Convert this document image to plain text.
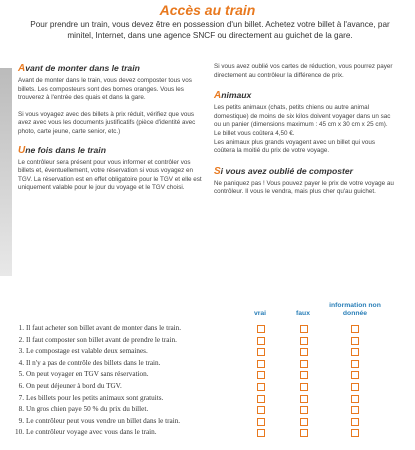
Accès au train
Pour prendre un train, vous devez être en possession d'un billet. Achetez votre billet à l'avance, par minitel, Internet, dans une agence SNCF ou directement au guichet de la gare.
Avant de monter dans le train
Avant de monter dans le train, vous devez composter tous vos billets. Les composteurs sont des bornes oranges. Vous les trouverez à l'entrée des quais et dans la gare.
Si vous voyagez avec des billets à prix réduit, vérifiez que vous avez avec vous les documents justificatifs (pièce d'identité avec photo, carte jeune, carte senior, etc.)
Une fois dans le train
Le contrôleur sera présent pour vous informer et contrôler vos billets et, éventuellement, votre réservation si vous voyagez en TGV. La réservation est en effet obligatoire pour le TGV et elle est uniquement valable pour le jour du voyage et le TGV choisi.
Si vous avez oublié vos cartes de réduction, vous pourrez payer directement au contrôleur la différence de prix.
Animaux
Les petits animaux (chats, petits chiens ou autre animal domestique) de moins de six kilos doivent voyager dans un sac ou un panier (dimensions maximum : 45 cm x 30 cm x 25 cm). Le billet vous coûtera 4,50 €.
Les animaux plus grands voyagent avec un billet qui vous coûtera la moitié du prix de votre voyage.
Si vous avez oublié de composter
Ne paniquez pas ! Vous pouvez payer le prix de votre voyage au contrôleur. Il vous le vendra, mais plus cher qu'au guichet.
vrai	faux
information non donnée
1. Il faut acheter son billet avant de monter dans le train.
2. Il faut composter son billet avant de prendre le train.
3. Le compostage est valable deux semaines.
4. Il n'y a pas de contrôle des billets dans le train.
5. On peut voyager en TGV sans réservation.
6. On peut déjeuner à bord du TGV.
7. Les billets pour les petits animaux sont gratuits.
8. Un gros chien paye 50 % du prix du billet.
9. Le contrôleur peut vous vendre un billet dans le train.
10. Le contrôleur voyage avec vous dans le train.
